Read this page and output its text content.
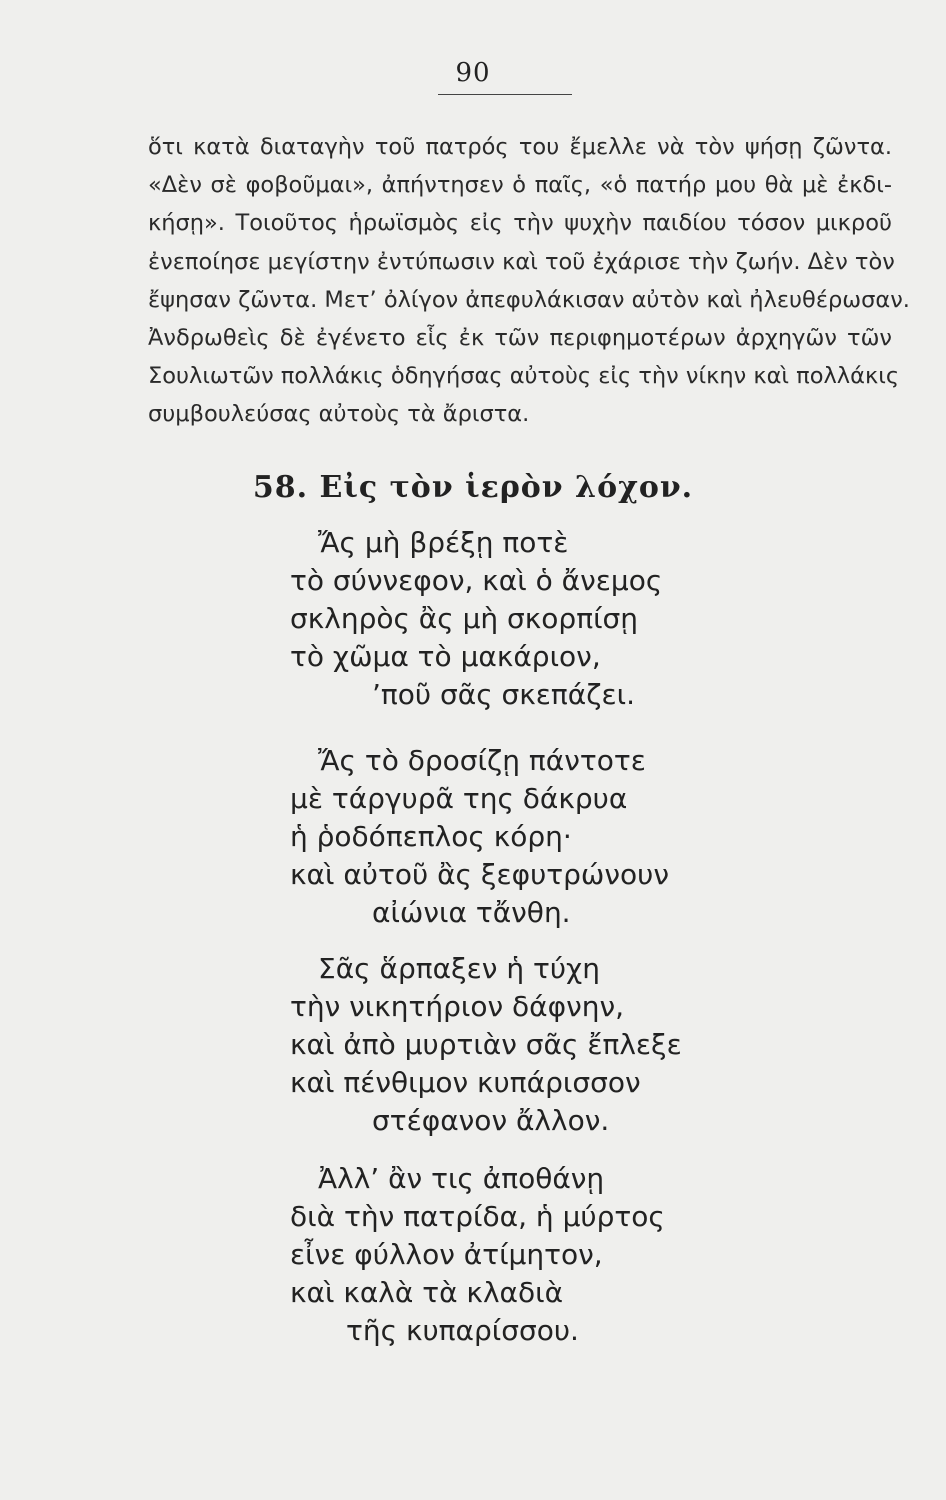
90
ὅτι κατὰ διαταγὴν τοῦ πατρός του ἔμελλε νὰ τὸν ψήσῃ ζῶντα.
«Δὲν σὲ φοβοῦμαι», ἀπήντησεν ὁ παῖς, «ὁ πατήρ μου θὰ μὲ ἐκδι-
κήσῃ». Τοιοῦτος ἡρωϊσμὸς εἰς τὴν ψυχὴν παιδίου τόσον μικροῦ
ἐνεποίησε μεγίστην ἐντύπωσιν καὶ τοῦ ἐχάρισε τὴν ζωήν. Δὲν τὸν
ἔψησαν ζῶντα. Μετ’ ὀλίγον ἀπεφυλάκισαν αὐτὸν καὶ ἠλευθέρωσαν.
Ἀνδρωθεὶς δὲ ἐγένετο εἷς ἐκ τῶν περιφημοτέρων ἀρχηγῶν τῶν
Σουλιωτῶν πολλάκις ὁδηγήσας αὐτοὺς εἰς τὴν νίκην καὶ πολλάκις
συμβουλεύσας αὐτοὺς τὰ ἄριστα.
58. Εἰς τὸν ἱερὸν λόχον.
Ἄς μὴ βρέξῃ ποτὲ
τὸ σύννεφον, καὶ ὁ ἄνεμος
σκληρὸς ἂς μὴ σκορπίσῃ
τὸ χῶμα τὸ μακάριον,
’ποῦ σᾶς σκεπάζει.
Ἄς τὸ δροσίζῃ πάντοτε
μὲ τάργυρᾶ της δάκρυα
ἡ ῥοδόπεπλος κόρη·
καὶ αὐτοῦ ἂς ξεφυτρώνουν
αἰώνια τἄνθη.
Σᾶς ἅρπαξεν ἡ τύχη
τὴν νικητήριον δάφνην,
καὶ ἀπὸ μυρτιὰν σᾶς ἔπλεξε
καὶ πένθιμον κυπάρισσον
στέφανον ἄλλον.
Ἀλλ’ ἂν τις ἀποθάνῃ
διὰ τὴν πατρίδα, ἡ μύρτος
εἶνε φύλλον ἀτίμητον,
καὶ καλὰ τὰ κλαδιὰ
τῆς κυπαρίσσου.
